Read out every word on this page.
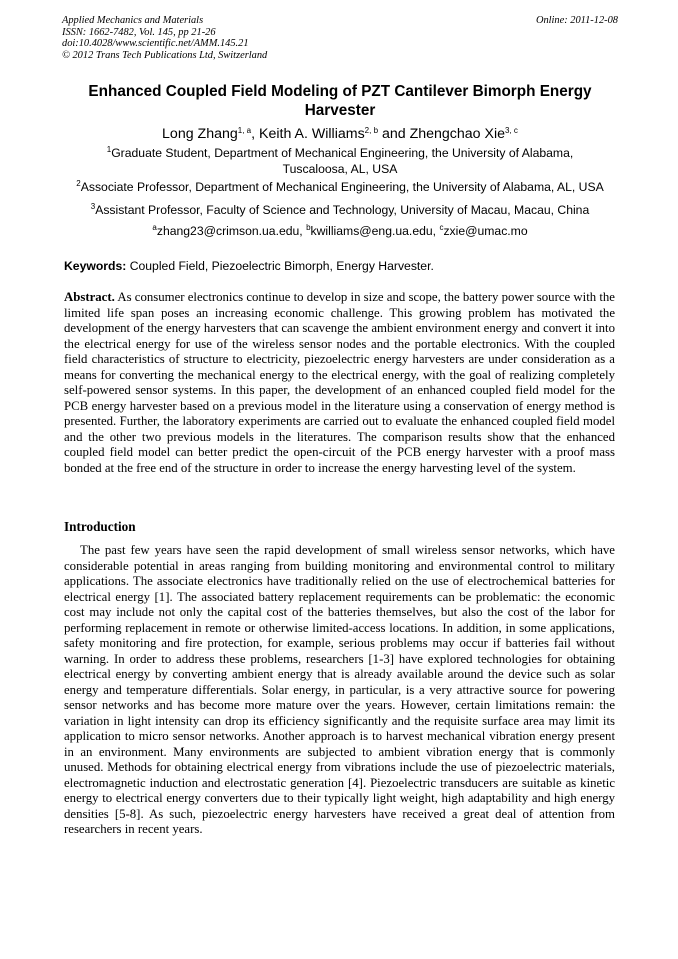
Applied Mechanics and Materials
ISSN: 1662-7482, Vol. 145, pp 21-26
doi:10.4028/www.scientific.net/AMM.145.21
© 2012 Trans Tech Publications Ltd, Switzerland
Online: 2011-12-08
Enhanced Coupled Field Modeling of PZT Cantilever Bimorph Energy Harvester
Long Zhang$^{1, a}$, Keith A. Williams$^{2, b}$ and Zhengchao Xie$^{3, c}$
$^1$Graduate Student, Department of Mechanical Engineering, the University of Alabama, Tuscaloosa, AL, USA
$^2$Associate Professor, Department of Mechanical Engineering, the University of Alabama, AL, USA
$^3$Assistant Professor, Faculty of Science and Technology, University of Macau, Macau, China
$^a$zhang23@crimson.ua.edu, $^b$kwilliams@eng.ua.edu, $^c$zxie@umac.mo
Keywords: Coupled Field, Piezoelectric Bimorph, Energy Harvester.
Abstract. As consumer electronics continue to develop in size and scope, the battery power source with the limited life span poses an increasing economic challenge. This growing problem has motivated the development of the energy harvesters that can scavenge the ambient environment energy and convert it into the electrical energy for use of the wireless sensor nodes and the portable electronics. With the coupled field characteristics of structure to electricity, piezoelectric energy harvesters are under consideration as a means for converting the mechanical energy to the electrical energy, with the goal of realizing completely self-powered sensor systems. In this paper, the development of an enhanced coupled field model for the PCB energy harvester based on a previous model in the literature using a conservation of energy method is presented. Further, the laboratory experiments are carried out to evaluate the enhanced coupled field model and the other two previous models in the literatures. The comparison results show that the enhanced coupled field model can better predict the open-circuit of the PCB energy harvester with a proof mass bonded at the free end of the structure in order to increase the energy harvesting level of the system.
Introduction
The past few years have seen the rapid development of small wireless sensor networks, which have considerable potential in areas ranging from building monitoring and environmental control to military applications. The associate electronics have traditionally relied on the use of electrochemical batteries for electrical energy [1]. The associated battery replacement requirements can be problematic: the economic cost may include not only the capital cost of the batteries themselves, but also the cost of the labor for performing replacement in remote or otherwise limited-access locations. In addition, in some applications, safety monitoring and fire protection, for example, serious problems may occur if batteries fail without warning. In order to address these problems, researchers [1-3] have explored technologies for obtaining electrical energy by converting ambient energy that is already available around the device such as solar energy and temperature differentials. Solar energy, in particular, is a very attractive source for powering sensor networks and has become more mature over the years. However, certain limitations remain: the variation in light intensity can drop its efficiency significantly and the requisite surface area may limit its application to micro sensor networks. Another approach is to harvest mechanical vibration energy present in an environment. Many environments are subjected to ambient vibration energy that is commonly unused. Methods for obtaining electrical energy from vibrations include the use of piezoelectric materials, electromagnetic induction and electrostatic generation [4]. Piezoelectric transducers are suitable as kinetic energy to electrical energy converters due to their typically light weight, high adaptability and high energy densities [5-8]. As such, piezoelectric energy harvesters have received a great deal of attention from researchers in recent years.
